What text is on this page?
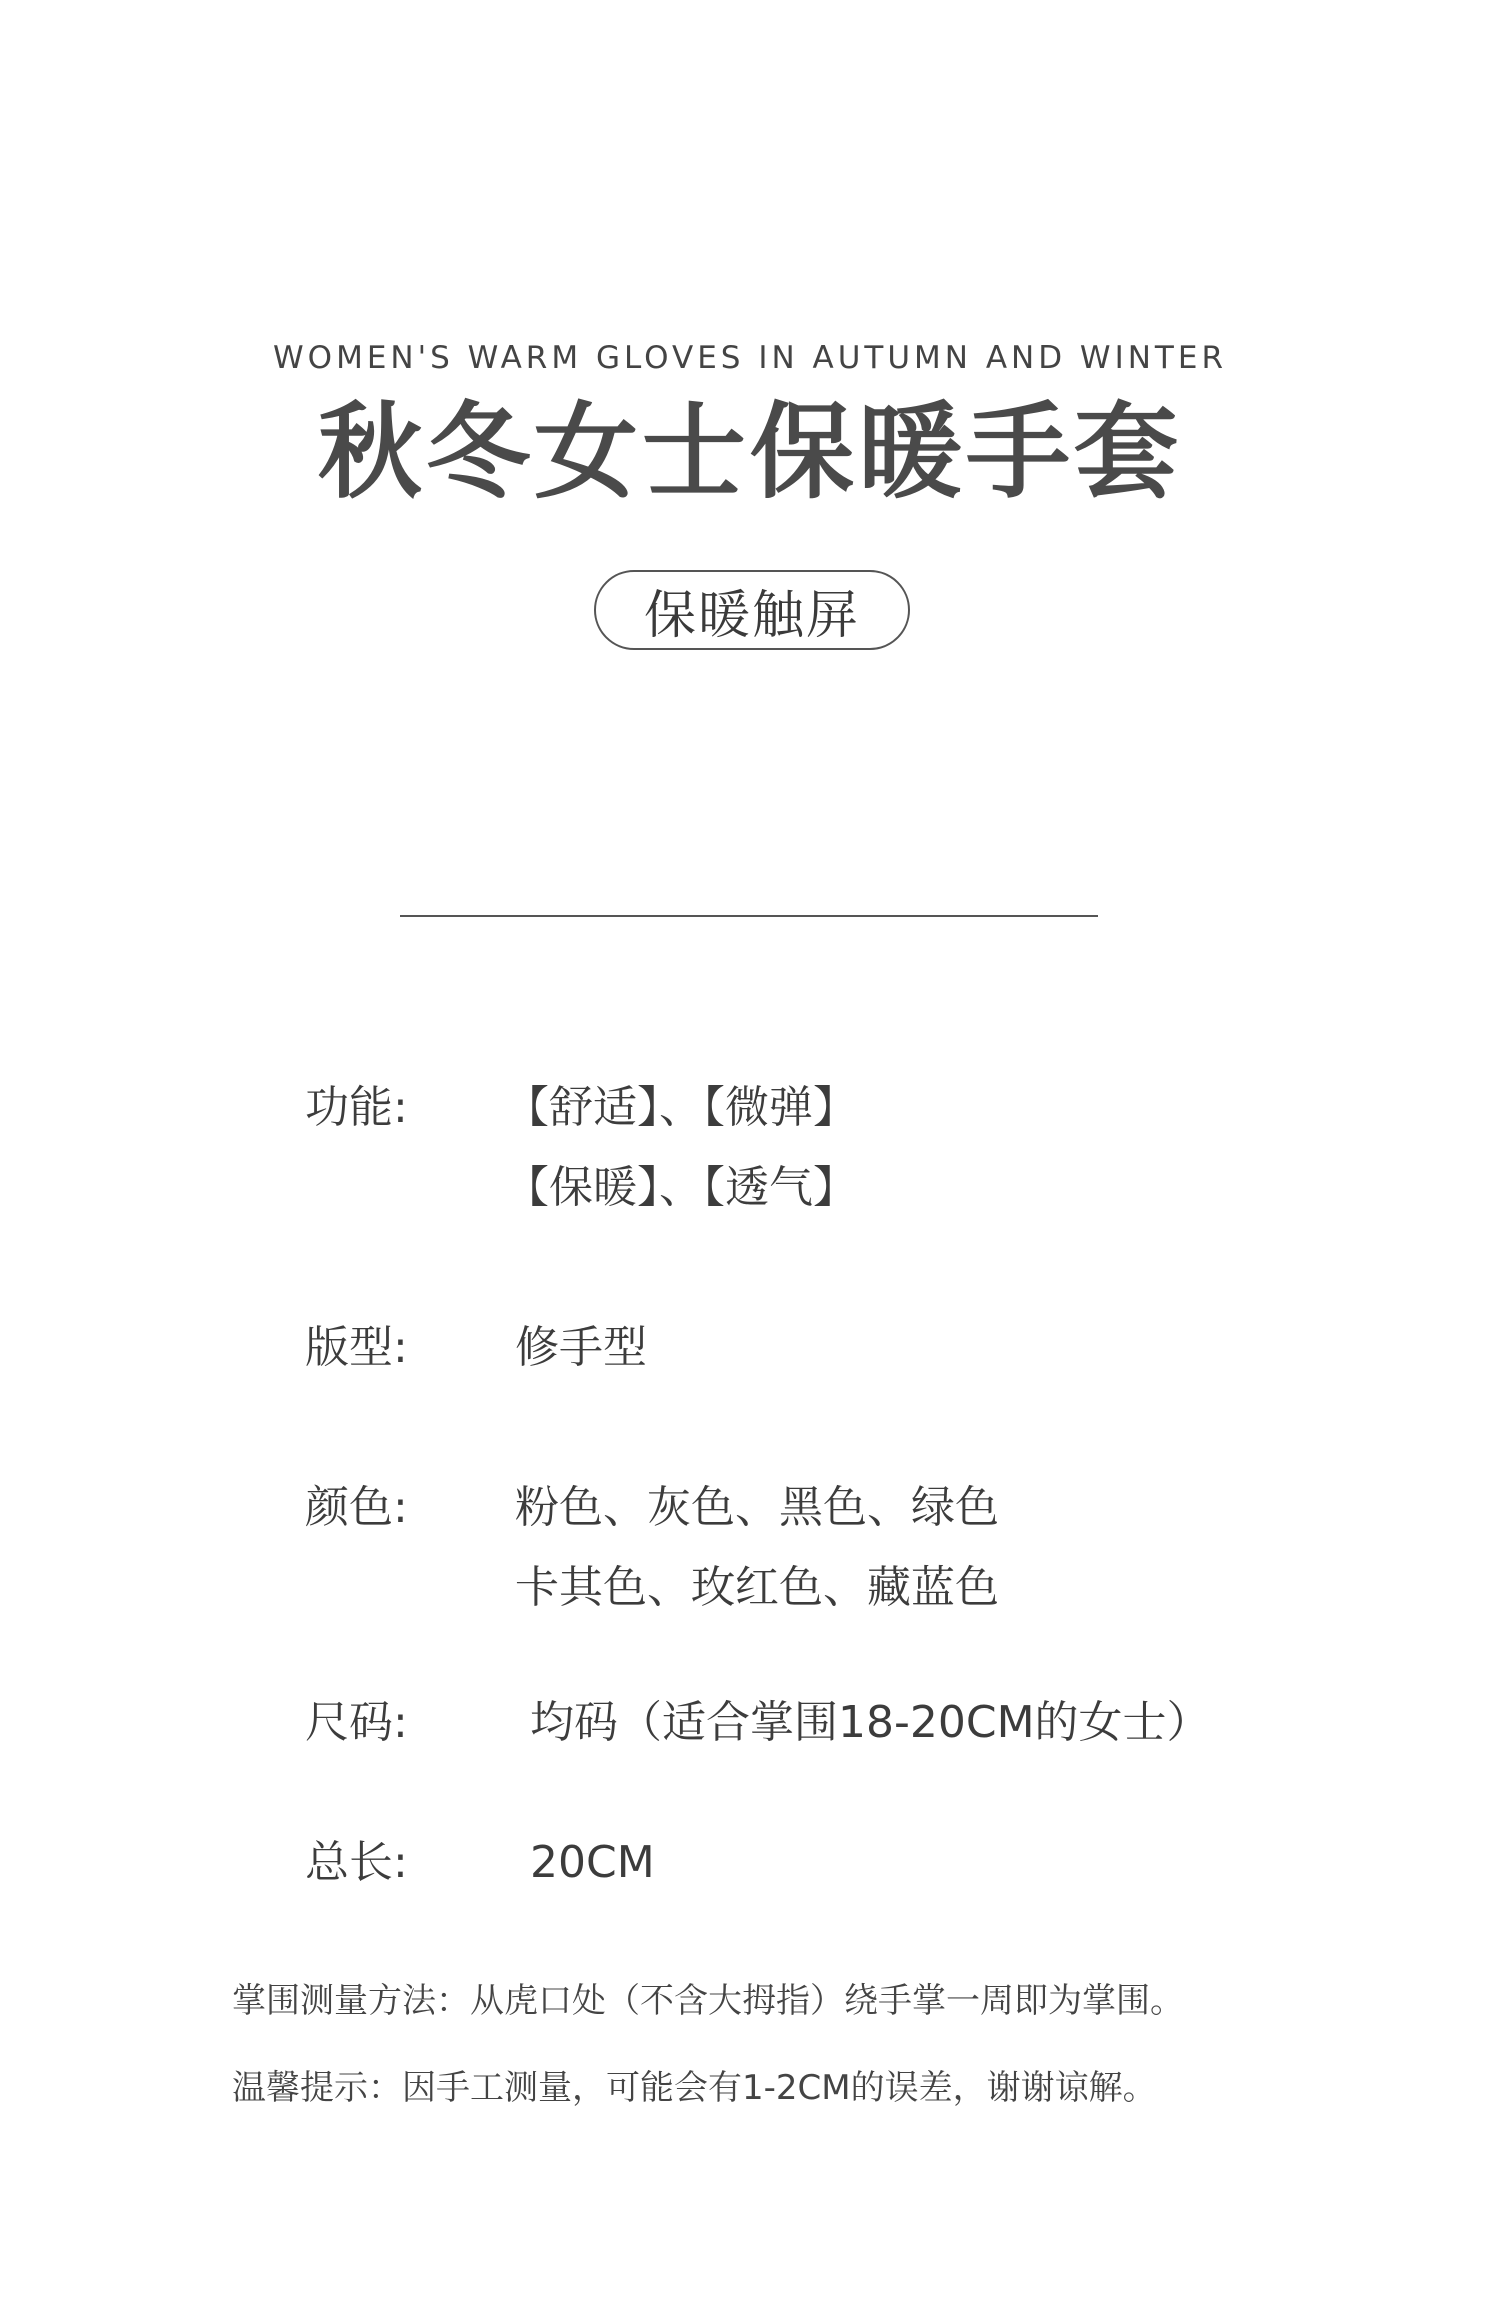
WOMEN'S WARM GLOVES IN AUTUMN AND WINTER
秋冬女士保暖手套
保暖触屏
功能: 【舒适】、【微弹】
【保暖】、【透气】
版型: 修手型
颜色: 粉色、灰色、黑色、绿色
卡其色、玫红色、藏蓝色
尺码:	均码（适合掌围18-20CM的女士）
总长:	20CM
掌围测量方法：从虎口处（不含大拇指）绕手掌一周即为掌围。
温馨提示：因手工测量，可能会有1-2CM的误差，谢谢谅解。
